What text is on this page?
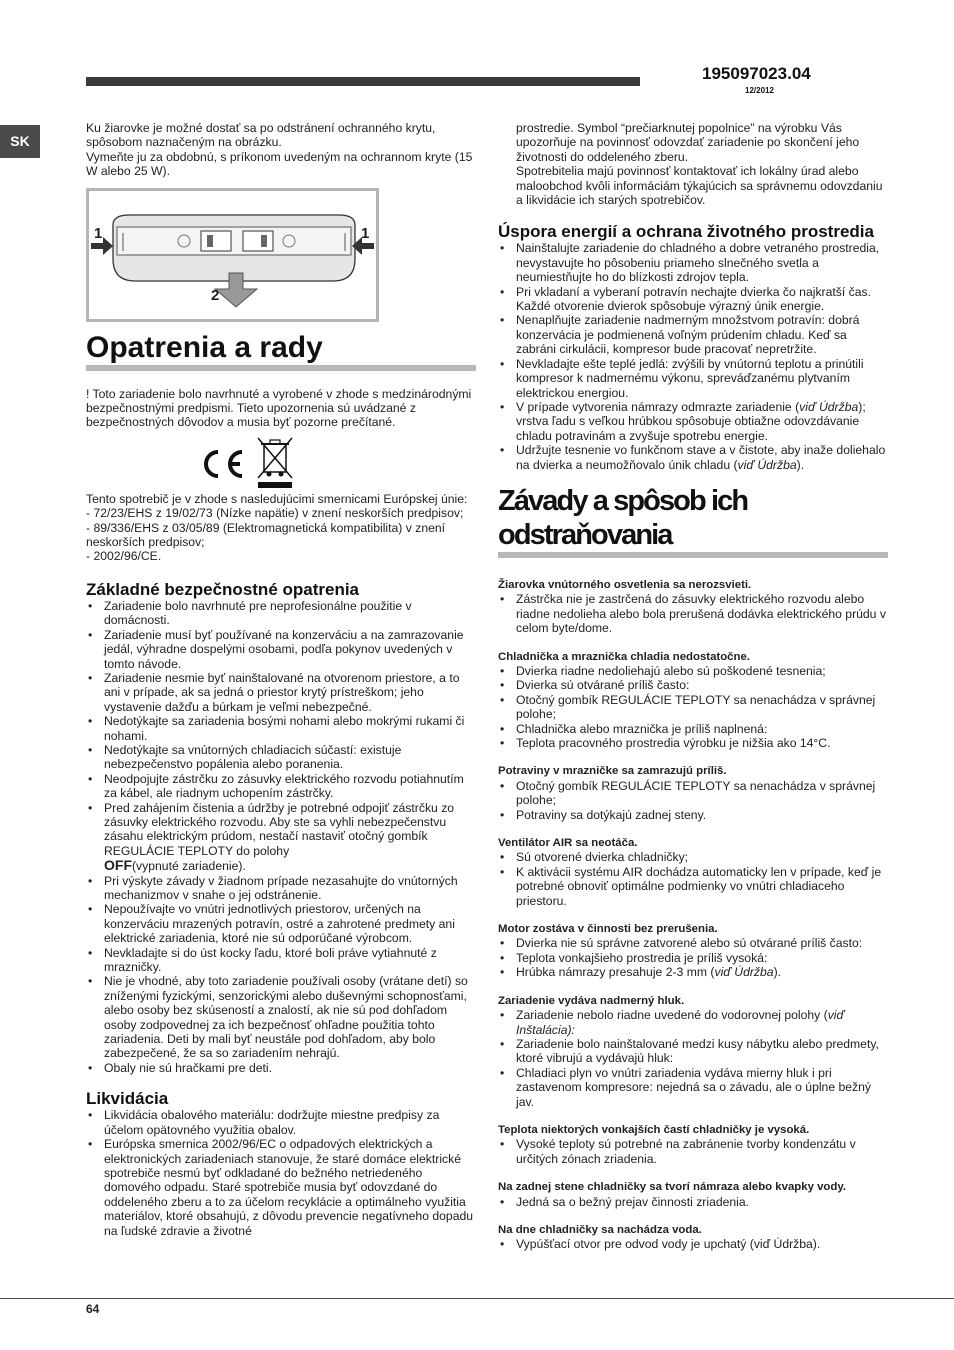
195097023.04
12/2012
SK

Ku žiarovke je možné dostať sa po odstránení ochranného krytu, spôsobom naznačeným na obrázku.

Vymeňte ju za obdobnú, s príkonom uvedeným na ochrannom kryte (15 W alebo 25 W).

1	1
2
Opatrenia a rady

! Toto zariadenie bolo navrhnuté a vyrobené v zhode s medzinárodnými bezpečnostnými predpismi. Tieto upozornenia sú uvádzané z bezpečnostných dôvodov a musia byť pozorne prečítané.

Tento spotrebič je v zhode s nasledujúcimi smernicami Európskej únie:

- 72/23/EHS z 19/02/73 (Nízke napätie) v znení neskorších predpisov;

- 89/336/EHS z 03/05/89 (Elektromagnetická kompatibilita) v znení neskorších predpisov;

- 2002/96/CE.

Základné bezpečnostné opatrenia
• Zariadenie bolo navrhnuté pre neprofesionálne použitie v domácnosti.
• Zariadenie musí byť používané na konzerváciu a na zamrazovanie jedál, výhradne dospelými osobami, podľa pokynov uvedených v tomto návode.
• Zariadenie nesmie byť nainštalované na otvorenom priestore, a to ani v prípade, ak sa jedná o priestor krytý prístreškom; jeho vystavenie dažďu a búrkam je veľmi nebezpečné.
• Nedotýkajte sa zariadenia bosými nohami alebo mokrými rukami či nohami.
• Nedotýkajte sa vnútorných chladiacich súčastí: existuje nebezpečenstvo popálenia alebo poranenia.
• Neodpojujte zástrčku zo zásuvky elektrického rozvodu potiahnutím za kábel, ale riadnym uchopením zástrčky.
• Pred zahájením čistenia a údržby je potrebné odpojiť zástrčku zo zásuvky elektrického rozvodu. Aby ste sa vyhli nebezpečenstvu zásahu elektrickým prúdom, nestačí nastaviť otočný gombík REGULÁCIE TEPLOTY do polohy
OFF(vypnuté zariadenie).
• Pri výskyte závady v žiadnom prípade nezasahujte do vnútorných mechanizmov v snahe o jej odstránenie.
• Nepoužívajte vo vnútri jednotlivých priestorov, určených na konzerváciu mrazených potravín, ostré a zahrotené predmety ani elektrické zariadenia, ktoré nie sú odporúčané výrobcom.
• Nevkladajte si do úst kocky ľadu, ktoré boli práve vytiahnuté z mrazničky.
• Nie je vhodné, aby toto zariadenie používali osoby (vrátane detí) so zníženými fyzickými, senzorickými alebo duševnými schopnosťami, alebo osoby bez skúseností a znalostí, ak nie sú pod dohľadom osoby zodpovednej za ich bezpečnosť ohľadne použitia tohto zariadenia. Deti by mali byť neustále pod dohľadom, aby bolo zabezpečené, že sa so zariadením nehrajú.
• Obaly nie sú hračkami pre deti.
Likvidácia
• Likvidácia obalového materiálu: dodržujte miestne predpisy za účelom opätovného využitia obalov.
• Európska smernica 2002/96/EC o odpadových elektrických a elektronických zariadeniach stanovuje, že staré domáce elektrické spotrebiče nesmú byť odkladané do bežného netriedeného domového odpadu. Staré spotrebiče musia byť odovzdané do oddeleného zberu a to za účelom recyklácie a optimálneho využitia materiálov, ktoré obsahujú, z dôvodu prevencie negatívneho dopadu na ľudské zdravie a životné

prostredie. Symbol “prečiarknutej popolnice” na výrobku Vás upozorňuje na povinnosť odovzdať zariadenie po skončení jeho životnosti do oddeleného zberu.

Spotrebitelia majú povinnosť kontaktovať ich lokálny úrad alebo maloobchod kvôli informáciám týkajúcich sa správnemu odovzdaniu a likvidácie ich starých spotrebičov.

Úspora energií a ochrana životného prostredia
• Nainštalujte zariadenie do chladného a dobre vetraného prostredia, nevystavujte ho pôsobeniu priameho slnečného svetla a neumiestňujte ho do blízkosti zdrojov tepla.
• Pri vkladaní a vyberaní potravín nechajte dvierka čo najkratší čas.
Každé otvorenie dvierok spôsobuje výrazný únik energie.
• Nenaplňujte zariadenie nadmerným množstvom potravín: dobrá konzervácia je podmienená voľným prúdením chladu. Keď sa zabráni cirkulácii, kompresor bude pracovať nepretržite.
• Nevkladajte ešte teplé jedlá: zvýšili by vnútornú teplotu a prinútili kompresor k nadmernému výkonu, spreváďzanému plytvaním elektrickou energiou.
• V prípade vytvorenia námrazy odmrazte zariadenie (viď Údržba); vrstva ľadu s veľkou hrúbkou spôsobuje obtiažne odovzdávanie chladu potravinám a zvyšuje spotrebu energie.
• Udržujte tesnenie vo funkčnom stave a v čistote, aby inaže doliehalo na dvierka a neumožňovalo únik chladu (viď Údržba).
Závady a spôsob ich odstraňovania

Žiarovka vnútorného osvetlenia sa nerozsvieti.

• Zástrčka nie je zastrčená do zásuvky elektrického rozvodu alebo riadne nedolieha alebo bola prerušená dodávka elektrického prúdu v celom byte/dome.

Chladnička a mraznička chladia nedostatočne.

• Dvierka riadne nedoliehajú alebo sú poškodené tesnenia;
• Dvierka sú otvárané príliš často:
• Otočný gombík REGULÁCIE TEPLOTY sa nenachádza v správnej polohe;
• Chladnička alebo mraznička je príliš naplnená:
• Teplota pracovného prostredia výrobku je nižšia ako 14°C.

Potraviny v mrazničke sa zamrazujú príliš.

• Otočný gombík REGULÁCIE TEPLOTY sa nenachádza v správnej polohe;
• Potraviny sa dotýkajú zadnej steny.

Ventilátor AIR sa neotáča.

• Sú otvorené dvierka chladničky;
• K aktivácii systému AIR dochádza automaticky len v prípade, keď je potrebné obnoviť optimálne podmienky vo vnútri chladiaceho priestoru.

Motor zostáva v činnosti bez prerušenia.

• Dvierka nie sú správne zatvorené alebo sú otvárané príliš často:
• Teplota vonkajšieho prostredia je príliš vysoká:
• Hrúbka námrazy presahuje 2-3 mm (viď Údržba).

Zariadenie vydáva nadmerný hluk.

• Zariadenie nebolo riadne uvedené do vodorovnej polohy (viď Inštalácia):
• Zariadenie bolo nainštalované medzi kusy nábytku alebo predmety, ktoré vibrujú a vydávajú hluk:
• Chladiaci plyn vo vnútri zariadenia vydáva mierny hluk i pri zastavenom kompresore: nejedná sa o závadu, ale o úplne bežný jav.

Teplota niektorých vonkajších častí chladničky je vysoká.

• Vysoké teploty sú potrebné na zabránenie tvorby kondenzátu v určitých zónach zriadenia.

Na zadnej stene chladničky sa tvorí námraza alebo kvapky vody.

• Jedná sa o bežný prejav činnosti zriadenia.

Na dne chladničky sa nachádza voda.

• Vypúšťací otvor pre odvod vody je upchatý (viď Údržba).
64
